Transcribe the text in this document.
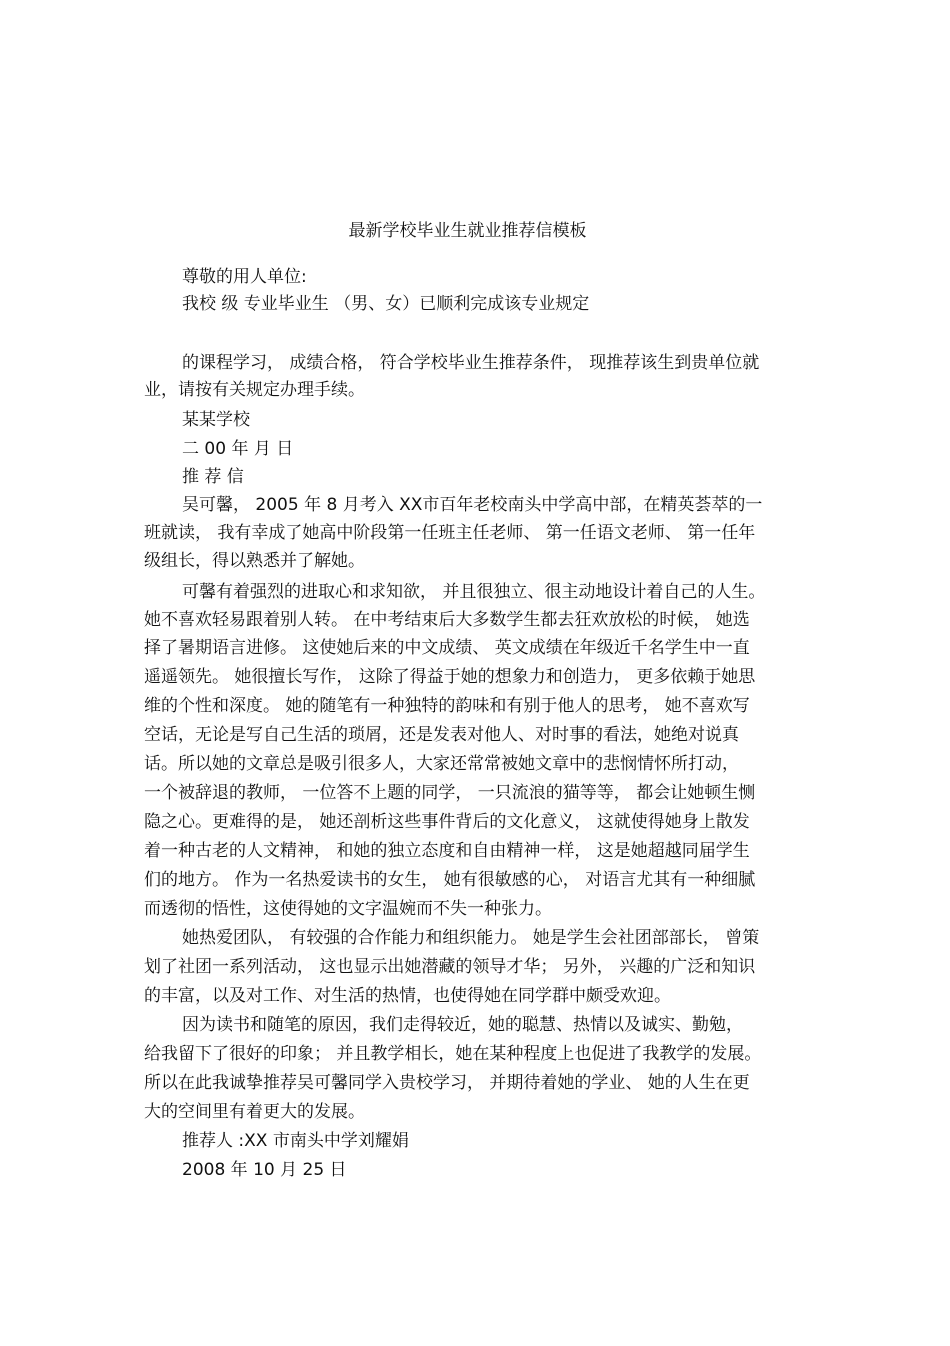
最新学校毕业生就业推荐信模板
尊敬的用人单位:
我校 级 专业毕业生 （男、女）已顺利完成该专业规定
的课程学习， 成绩合格， 符合学校毕业生推荐条件， 现推荐该生到贵单位就
业，请按有关规定办理手续。
某某学校
二 00 年 月 日
推 荐 信
吴可馨， 2005 年 8 月考入 XX市百年老校南头中学高中部，在精英荟萃的一
班就读， 我有幸成了她高中阶段第一任班主任老师、 第一任语文老师、 第一任年
级组长，得以熟悉并了解她。
可馨有着强烈的进取心和求知欲， 并且很独立、很主动地设计着自己的人生。
她不喜欢轻易跟着别人转。 在中考结束后大多数学生都去狂欢放松的时候， 她选
择了暑期语言进修。 这使她后来的中文成绩、 英文成绩在年级近千名学生中一直
遥遥领先。 她很擅长写作， 这除了得益于她的想象力和创造力， 更多依赖于她思
维的个性和深度。 她的随笔有一种独特的韵味和有别于他人的思考， 她不喜欢写
空话，无论是写自己生活的琐屑，还是发表对他人、对时事的看法，她绝对说真
话。所以她的文章总是吸引很多人，大家还常常被她文章中的悲悯情怀所打动，
一个被辞退的教师， 一位答不上题的同学， 一只流浪的猫等等， 都会让她顿生恻
隐之心。更难得的是， 她还剖析这些事件背后的文化意义， 这就使得她身上散发
着一种古老的人文精神， 和她的独立态度和自由精神一样， 这是她超越同届学生
们的地方。 作为一名热爱读书的女生， 她有很敏感的心， 对语言尤其有一种细腻
而透彻的悟性，这使得她的文字温婉而不失一种张力。
她热爱团队， 有较强的合作能力和组织能力。 她是学生会社团部部长， 曾策
划了社团一系列活动， 这也显示出她潜藏的领导才华； 另外， 兴趣的广泛和知识
的丰富，以及对工作、对生活的热情，也使得她在同学群中颇受欢迎。
因为读书和随笔的原因，我们走得较近，她的聪慧、热情以及诚实、勤勉，
给我留下了很好的印象； 并且教学相长，她在某种程度上也促进了我教学的发展。
所以在此我诚挚推荐吴可馨同学入贵校学习， 并期待着她的学业、 她的人生在更
大的空间里有着更大的发展。
推荐人 :XX 市南头中学刘耀娟
2008 年 10 月 25 日
